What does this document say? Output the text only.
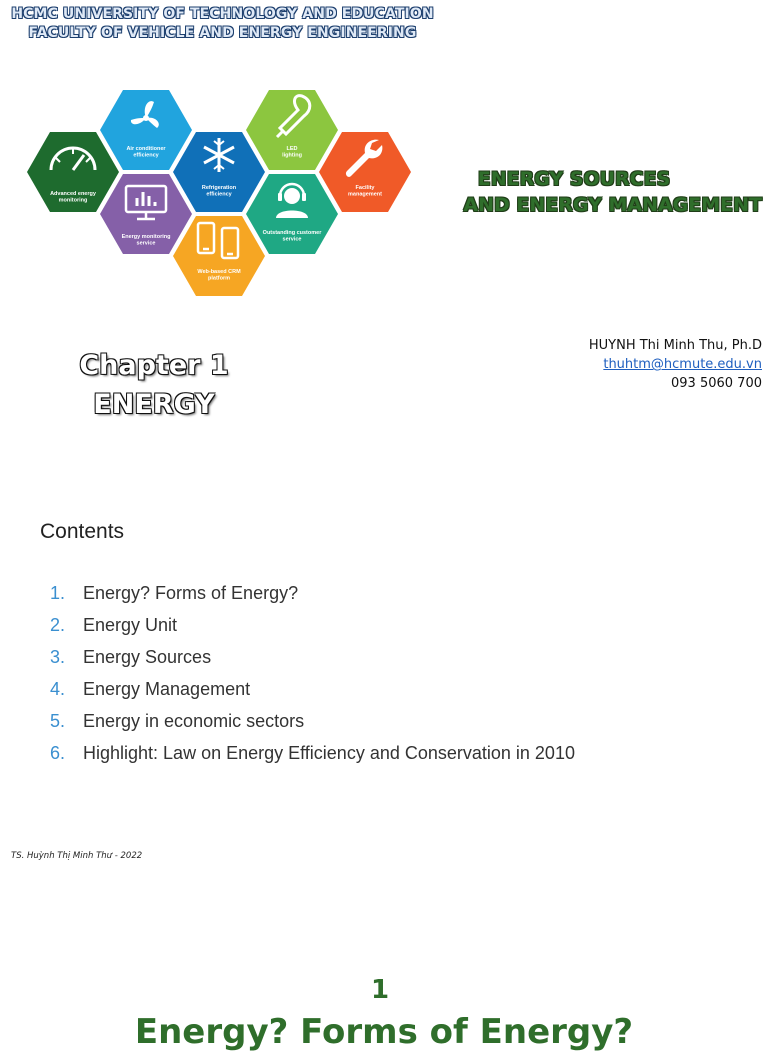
HCMC UNIVERSITY OF TECHNOLOGY AND EDUCATION
FACULTY OF VEHICLE AND ENERGY ENGINEERING
Advanced energy monitoring
Air conditioner efficiency
Energy monitoring service
Refrigeration efficiency
Web-based CRM platform
LED lighting
Outstanding customer service
Facility management
ENERGY SOURCES
AND ENERGY MANAGEMENT
Chapter 1
ENERGY
HUYNH Thi Minh Thu, Ph.D
thuhtm@hcmute.edu.vn
093 5060 700
Contents
1. Energy? Forms of Energy?
2. Energy Unit
3. Energy Sources
4. Energy Management
5. Energy in economic sectors
6. Highlight: Law on Energy Efficiency and Conservation in 2010
TS. Huỳnh Thị Minh Thư - 2022
1
Energy? Forms of Energy?
